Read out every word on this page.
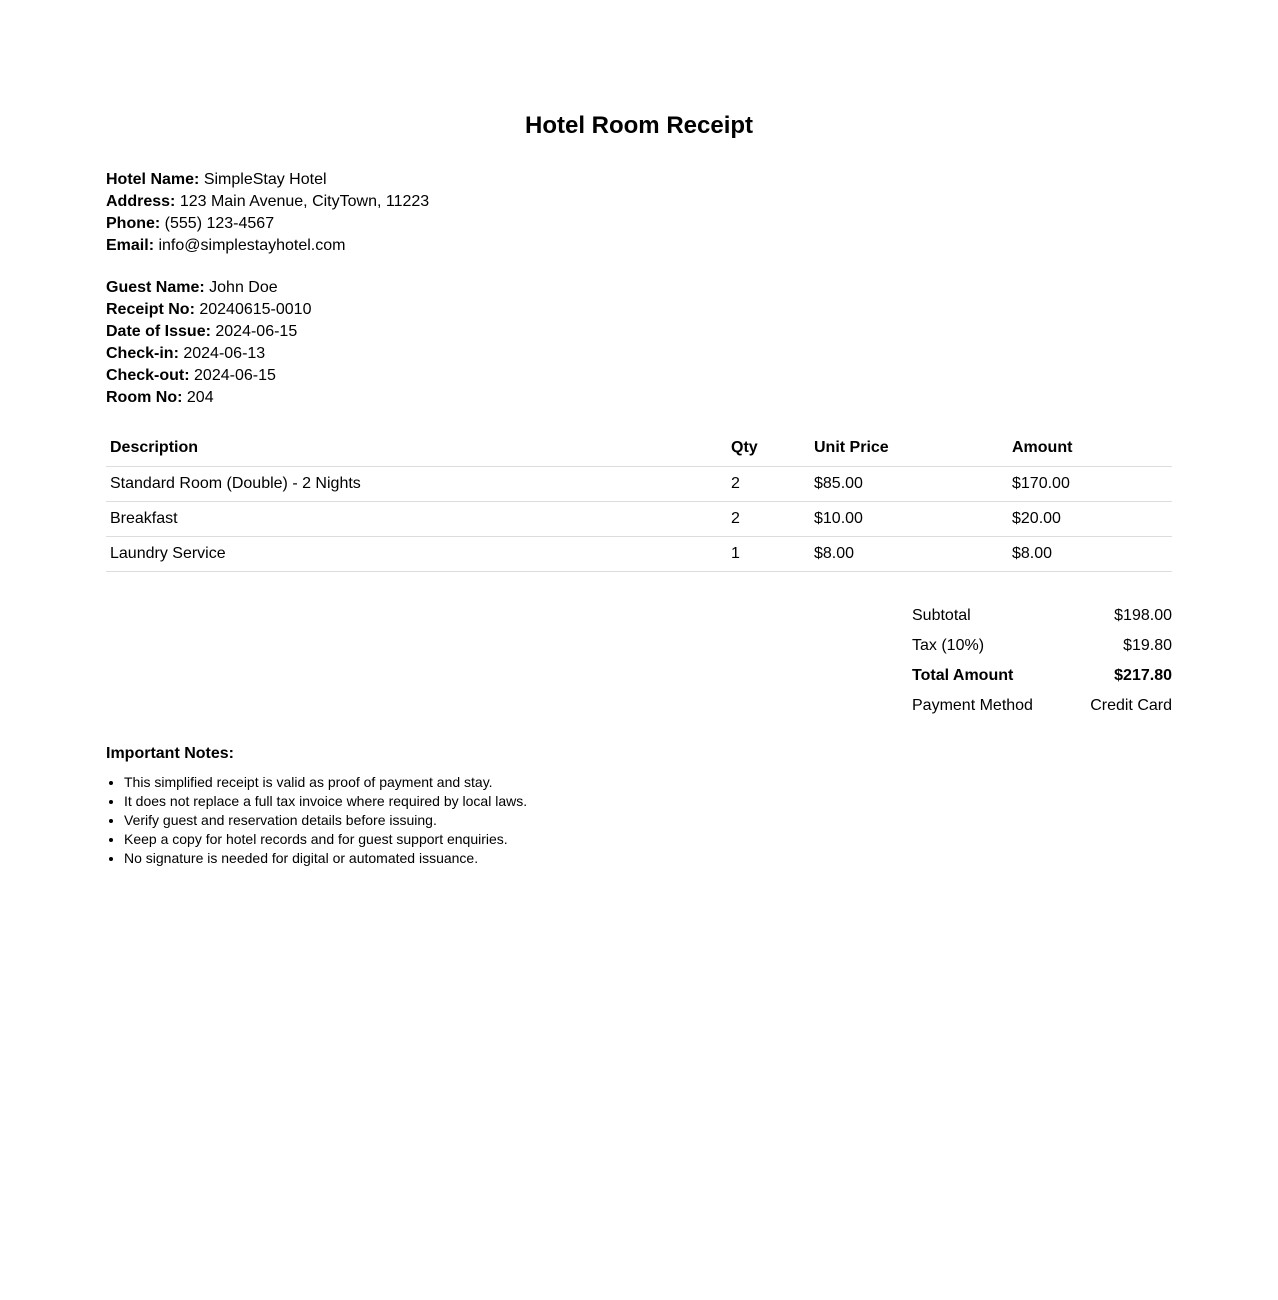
Hotel Room Receipt
Hotel Name: SimpleStay Hotel
Address: 123 Main Avenue, CityTown, 11223
Phone: (555) 123-4567
Email: info@simplestayhotel.com
Guest Name: John Doe
Receipt No: 20240615-0010
Date of Issue: 2024-06-15
Check-in: 2024-06-13
Check-out: 2024-06-15
Room No: 204
Description	Qty	Unit Price	Amount
Standard Room (Double) - 2 Nights	2	$85.00	$170.00
Breakfast	2	$10.00	$20.00
Laundry Service	1	$8.00	$8.00
Subtotal	$198.00
Tax (10%)	$19.80
Total Amount	$217.80
Payment Method	Credit Card
Important Notes:
• This simplified receipt is valid as proof of payment and stay.
• It does not replace a full tax invoice where required by local laws.
• Verify guest and reservation details before issuing.
• Keep a copy for hotel records and for guest support enquiries.
• No signature is needed for digital or automated issuance.
